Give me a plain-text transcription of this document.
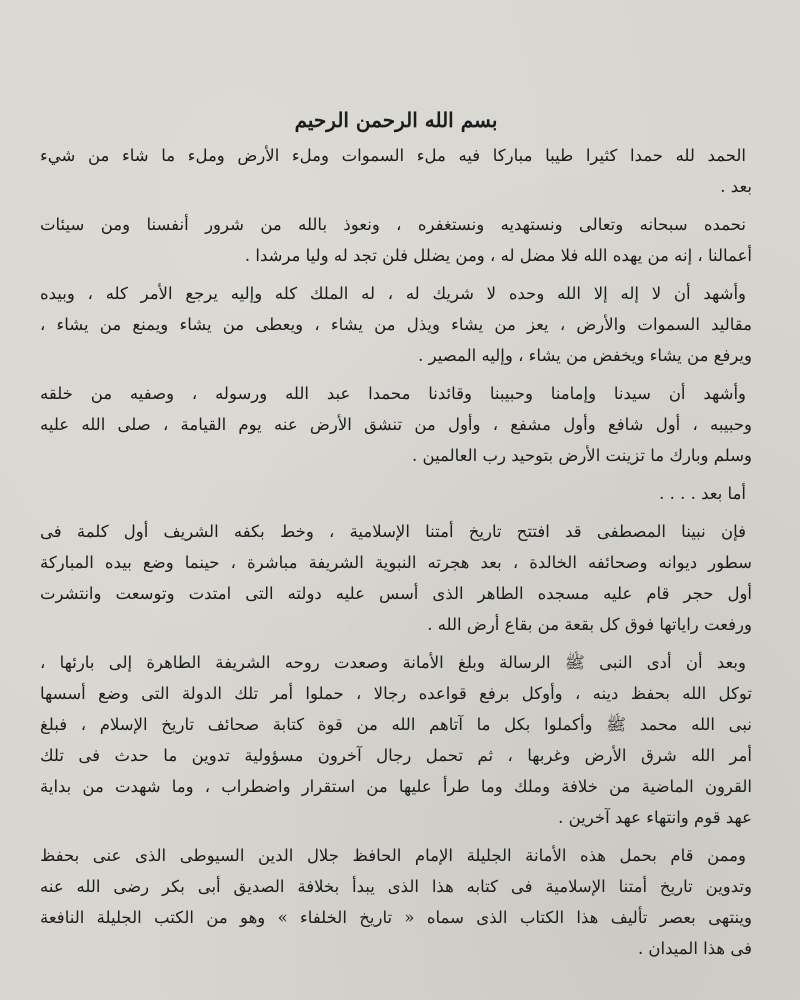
بسم الله الرحمن الرحيم
الحمد لله حمدا كثيرا طيبا مباركا فيه ملء السموات وملء الأرض وملء ما شاء من شيء
بعد .
نحمده سبحانه وتعالى ونستهديه ونستغفره ، ونعوذ بالله من شرور أنفسنا ومن سيئات
أعمالنا ، إنه من يهده الله فلا مضل له ، ومن يضلل فلن تجد له وليا مرشدا .
وأشهد أن لا إله إلا الله وحده لا شريك له ، له الملك كله وإليه يرجع الأمر كله ، وبيده
مقاليد السموات والأرض ، يعز من يشاء ويذل من يشاء ، ويعطى من يشاء ويمنع من يشاء ،
ويرفع من يشاء ويخفض من يشاء ، وإليه المصير .
وأشهد أن سيدنا وإمامنا وحبيبنا وقائدنا محمدا عبد الله ورسوله ، وصفيه من خلقه
وحبيبه ، أول شافع وأول مشفع ، وأول من تنشق الأرض عنه يوم القيامة ، صلى الله عليه
وسلم وبارك ما تزينت الأرض بتوحيد رب العالمين .
أما بعد . . . .
فإن نبينا المصطفى قد افتتح تاريخ أمتنا الإسلامية ، وخط بكفه الشريف أول كلمة فى
سطور ديوانه وصحائفه الخالدة ، بعد هجرته النبوية الشريفة مباشرة ، حينما وضع بيده المباركة
أول حجر قام عليه مسجده الطاهر الذى أسس عليه دولته التى امتدت وتوسعت وانتشرت
ورفعت راياتها فوق كل بقعة من بقاع أرض الله .
وبعد أن أدى النبى ﷺ الرسالة وبلغ الأمانة وصعدت روحه الشريفة الطاهرة إلى بارئها ،
توكل الله بحفظ دينه ، وأوكل برفع قواعده رجالا ، حملوا أمر تلك الدولة التى وضع أسسها
نبى الله محمد ﷺ وأكملوا بكل ما آتاهم الله من قوة كتابة صحائف تاريخ الإسلام ، فبلغ
أمر الله شرق الأرض وغربها ، ثم تحمل رجال آخرون مسؤولية تدوين ما حدث فى تلك
القرون الماضية من خلافة وملك وما طرأ عليها من استقرار واضطراب ، وما شهدت من بداية
عهد قوم وانتهاء عهد آخرين .
وممن قام بحمل هذه الأمانة الجليلة الإمام الحافظ جلال الدين السيوطى الذى عنى بحفظ
وتدوين تاريخ أمتنا الإسلامية فى كتابه هذا الذى يبدأ بخلافة الصديق أبى بكر رضى الله عنه
وينتهى بعصر تأليف هذا الكتاب الذى سماه « تاريخ الخلفاء » وهو من الكتب الجليلة النافعة
فى هذا الميدان .
